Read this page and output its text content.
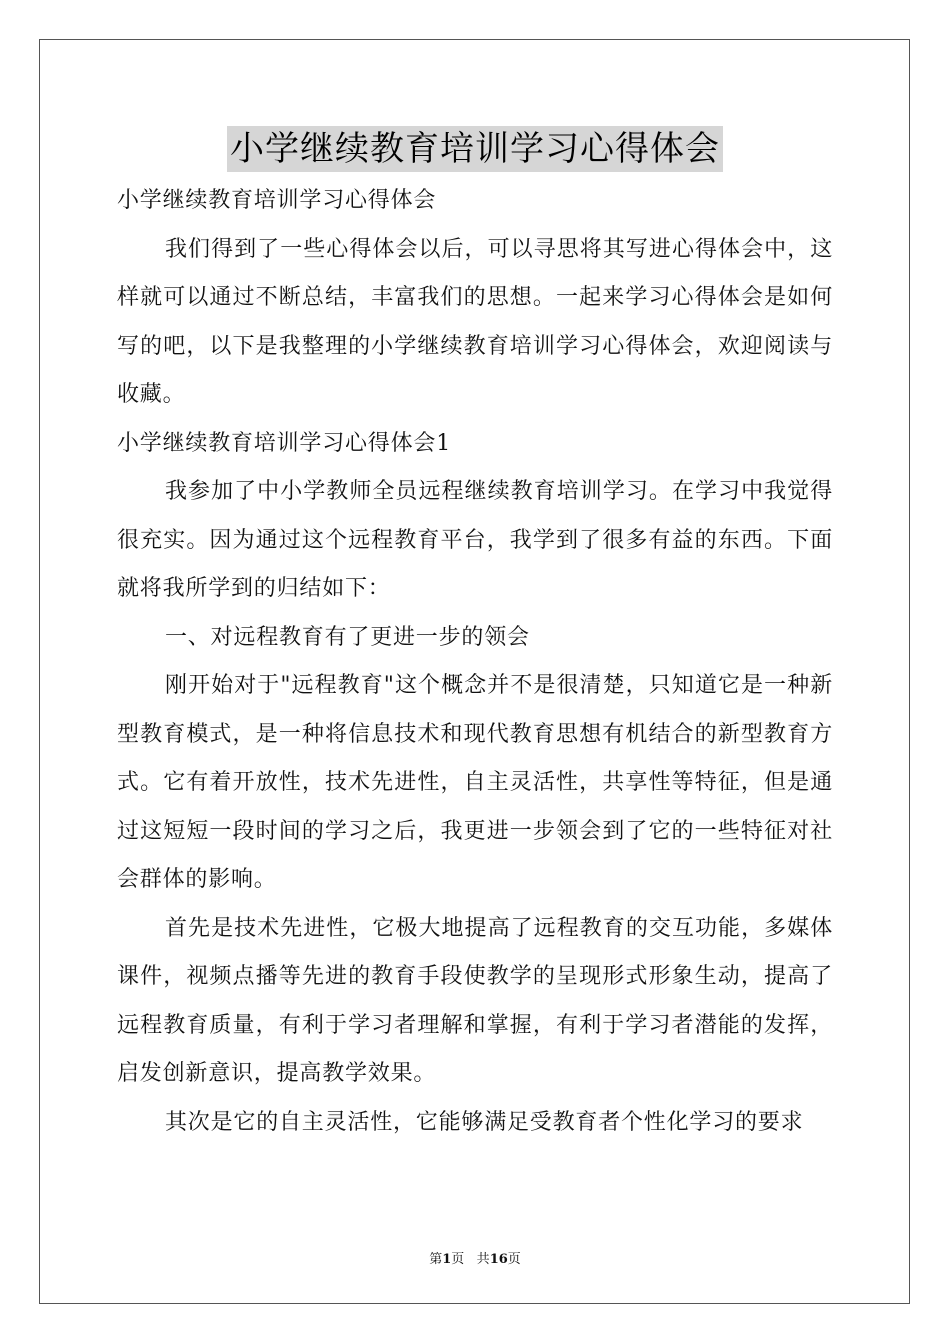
小学继续教育培训学习心得体会

小学继续教育培训学习心得体会

我们得到了一些心得体会以后，可以寻思将其写进心得体会中，这样就可以通过不断总结，丰富我们的思想。一起来学习心得体会是如何写的吧，以下是我整理的小学继续教育培训学习心得体会，欢迎阅读与收藏。

小学继续教育培训学习心得体会1

我参加了中小学教师全员远程继续教育培训学习。在学习中我觉得很充实。因为通过这个远程教育平台，我学到了很多有益的东西。下面就将我所学到的归结如下：

一、对远程教育有了更进一步的领会

刚开始对于"远程教育"这个概念并不是很清楚，只知道它是一种新型教育模式，是一种将信息技术和现代教育思想有机结合的新型教育方式。它有着开放性，技术先进性，自主灵活性，共享性等特征，但是通过这短短一段时间的学习之后，我更进一步领会到了它的一些特征对社会群体的影响。

首先是技术先进性，它极大地提高了远程教育的交互功能，多媒体课件，视频点播等先进的教育手段使教学的呈现形式形象生动，提高了远程教育质量，有利于学习者理解和掌握，有利于学习者潜能的发挥，启发创新意识，提高教学效果。

其次是它的自主灵活性，它能够满足受教育者个性化学习的要求

第1页 共16页
